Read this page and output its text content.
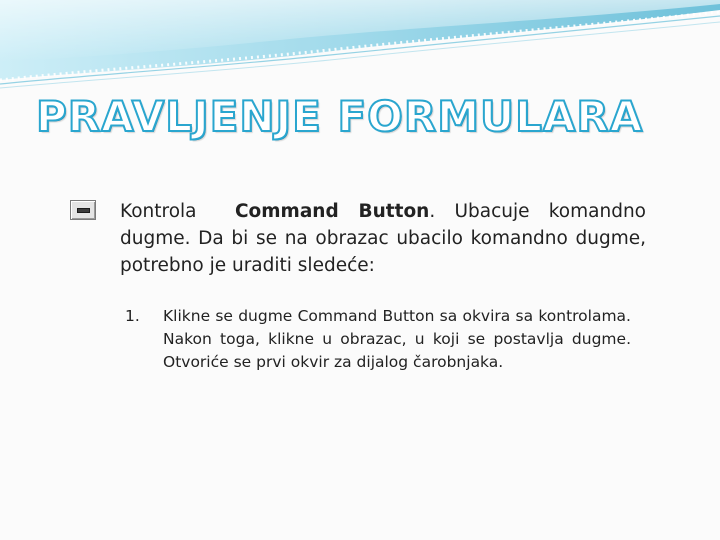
PRAVLJENJE FORMULARA

Kontrola Command Button. Ubacuje komandno dugme. Da bi se na obrazac ubacilo komandno dugme, potrebno je uraditi sledeće:

1. Klikne se dugme Command Button sa okvira sa kontrolama. Nakon toga, klikne u obrazac, u koji se postavlja dugme. Otvoriće se prvi okvir za dijalog čarobnjaka.
